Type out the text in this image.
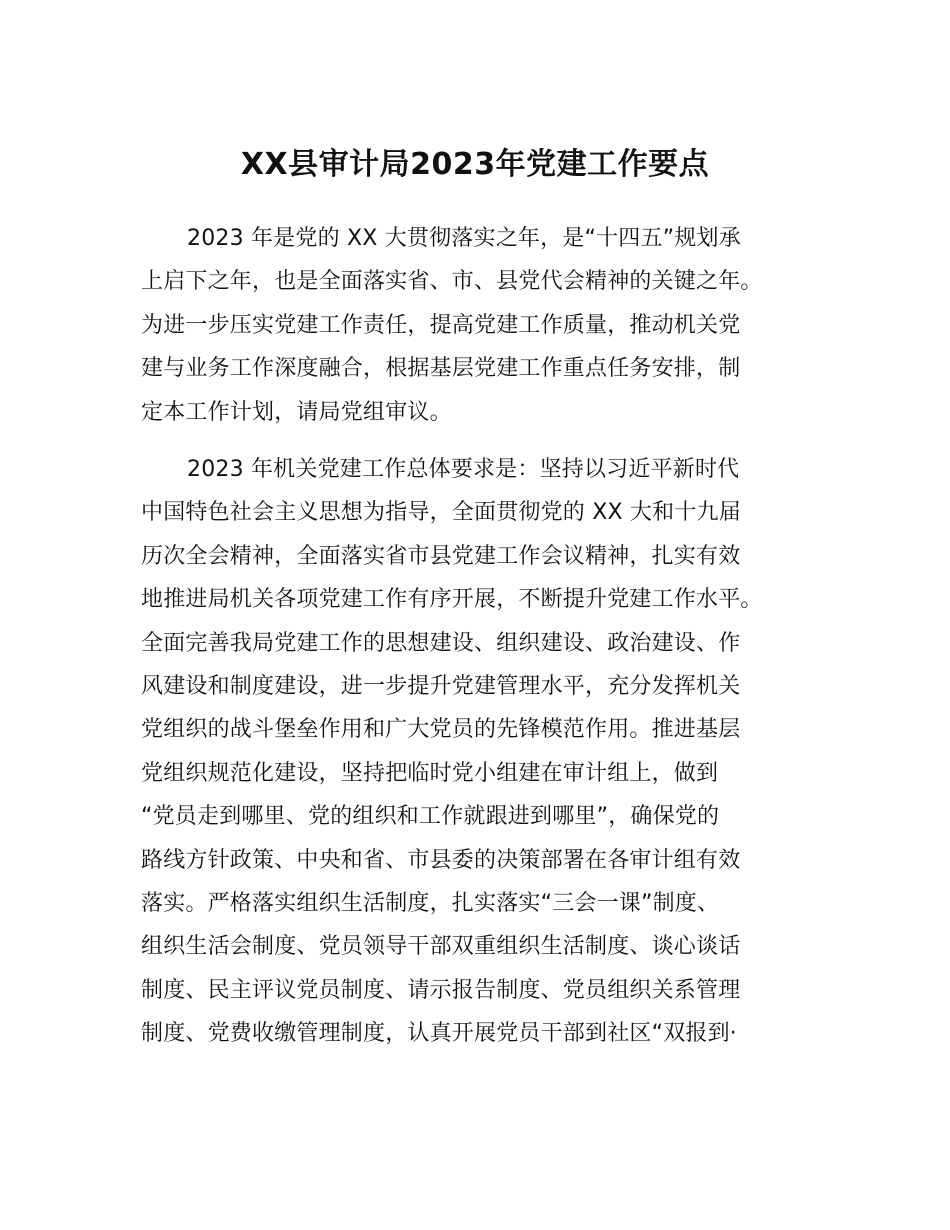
XX县审计局2023年党建工作要点
2023 年是党的 XX 大贯彻落实之年，是“十四五”规划承
上启下之年，也是全面落实省、市、县党代会精神的关键之年。
为进一步压实党建工作责任，提高党建工作质量，推动机关党
建与业务工作深度融合，根据基层党建工作重点任务安排，制
定本工作计划，请局党组审议。
2023 年机关党建工作总体要求是：坚持以习近平新时代
中国特色社会主义思想为指导，全面贯彻党的 XX 大和十九届
历次全会精神，全面落实省市县党建工作会议精神，扎实有效
地推进局机关各项党建工作有序开展，不断提升党建工作水平。
全面完善我局党建工作的思想建设、组织建设、政治建设、作
风建设和制度建设，进一步提升党建管理水平，充分发挥机关
党组织的战斗堡垒作用和广大党员的先锋模范作用。推进基层
党组织规范化建设，坚持把临时党小组建在审计组上，做到
“党员走到哪里、党的组织和工作就跟进到哪里”，确保党的
路线方针政策、中央和省、市县委的决策部署在各审计组有效
落实。严格落实组织生活制度，扎实落实“三会一课”制度、
组织生活会制度、党员领导干部双重组织生活制度、谈心谈话
制度、民主评议党员制度、请示报告制度、党员组织关系管理
制度、党费收缴管理制度，认真开展党员干部到社区“双报到·
